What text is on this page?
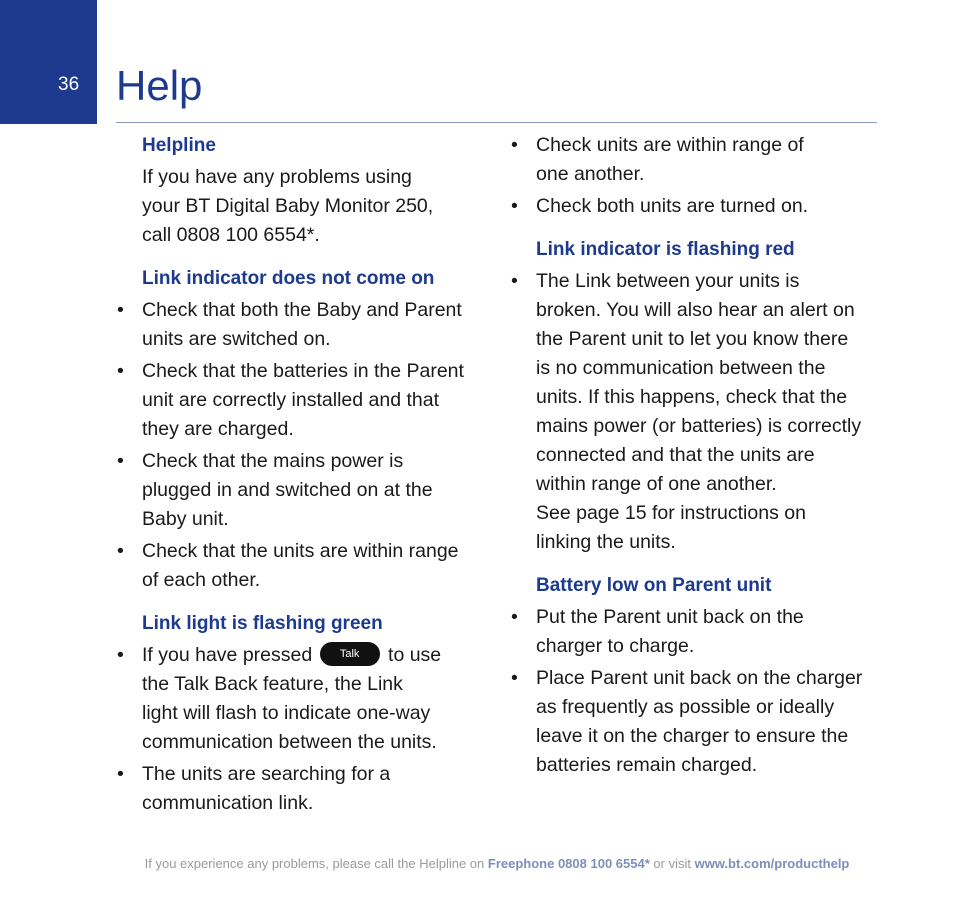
36 Help
Helpline

If you have any problems using
your BT Digital Baby Monitor 250,
call 0808 100 6554*.

Link indicator does not come on
• Check that both the Baby and Parent
units are switched on.
• Check that the batteries in the Parent
unit are correctly installed and that
they are charged.
• Check that the mains power is
plugged in and switched on at the
Baby unit.
• Check that the units are within range
of each other.
Link light is flashing green
• If you have pressed	Talk to use
the Talk Back feature, the Link
light will flash to indicate one-way
communication between the units.
• The units are searching for a
communication link.
• Check units are within range of
one another.
• Check both units are turned on.
Link indicator is flashing red
• The Link between your units is
broken. You will also hear an alert on
the Parent unit to let you know there
is no communication between the
units. If this happens, check that the
mains power (or batteries) is correctly
connected and that the units are
within range of one another.
See page 15 for instructions on
linking the units.
Battery low on Parent unit
• Put the Parent unit back on the
charger to charge.
• Place Parent unit back on the charger
as frequently as possible or ideally
leave it on the charger to ensure the
batteries remain charged.
If you experience any problems, please call the Helpline on Freephone 0808 100 6554* or visit www.bt.com/producthelp
